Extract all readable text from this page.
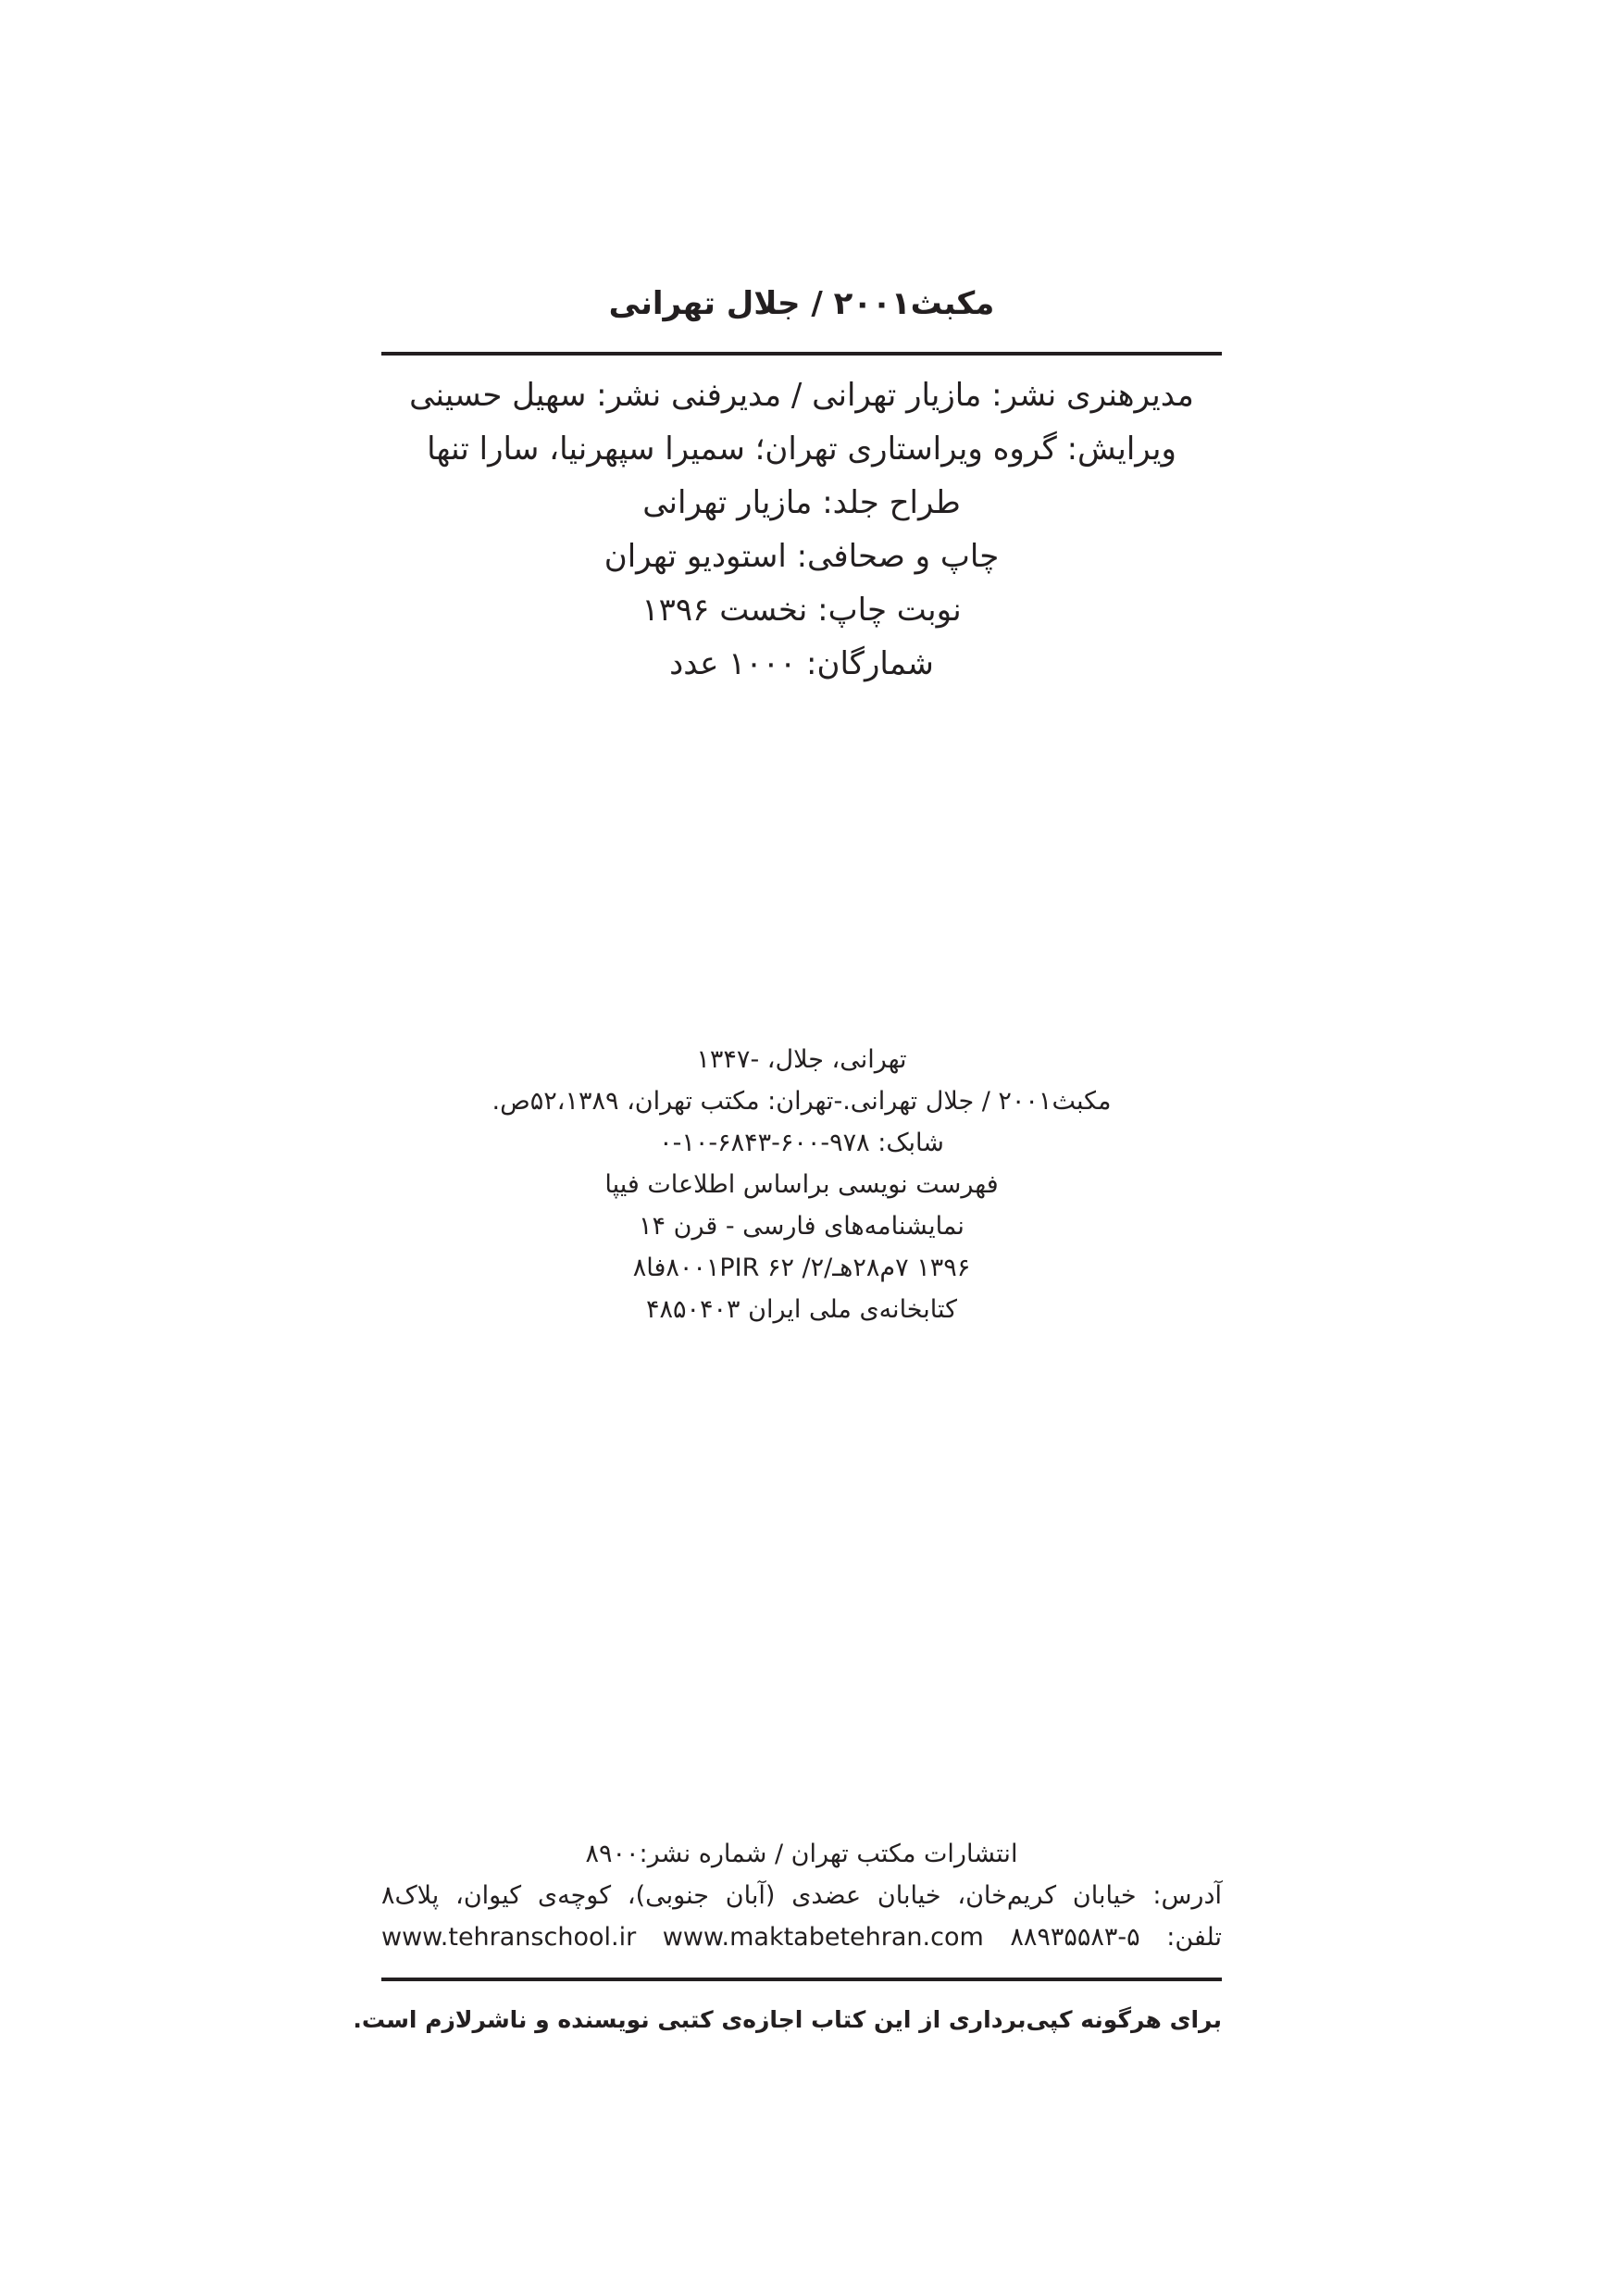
مکبث۲۰۰۱ / جلال تهرانی
مدیرهنری نشر: مازیار تهرانی / مدیرفنی نشر: سهیل حسینی
ویرایش: گروه ویراستاری تهران؛ سمیرا سپهرنیا، سارا تنها
طراح جلد: مازیار تهرانی
چاپ و صحافی: استودیو تهران
نوبت چاپ: نخست ۱۳۹۶
شمارگان: ۱۰۰۰ عدد
تهرانی، جلال، -۱۳۴۷
مکبث۲۰۰۱ / جلال تهرانی.-تهران: مکتب تهران، ۵۲،۱۳۸۹ص.
شابک: ۹۷۸-۶۰۰-۶۸۴۳-۱۰-۰
فهرست نویسی براساس اطلاعات فیپا
نمایشنامه‌های فارسی - قرن ۱۴
۱۳۹۶ ۷م۲۸هـ/۸۰۰۱PIR ۶۲ /۲فا۸
کتابخانه‌ی ملی ایران ۴۸۵۰۴۰۳
انتشارات مکتب تهران / شماره نشر:۸۹۰۰
آدرس: خیابان کریم‌خان، خیابان عضدی (آبان جنوبی)، کوچه‌ی کیوان، پلاک۸
تلفن: ۵-۸۸۹۳۵۵۸۳ www.tehranschool.ir www.maktabetehran.com
برای هرگونه کپی‌برداری از این کتاب اجازه‌ی کتبی نویسنده و ناشرلازم است.
